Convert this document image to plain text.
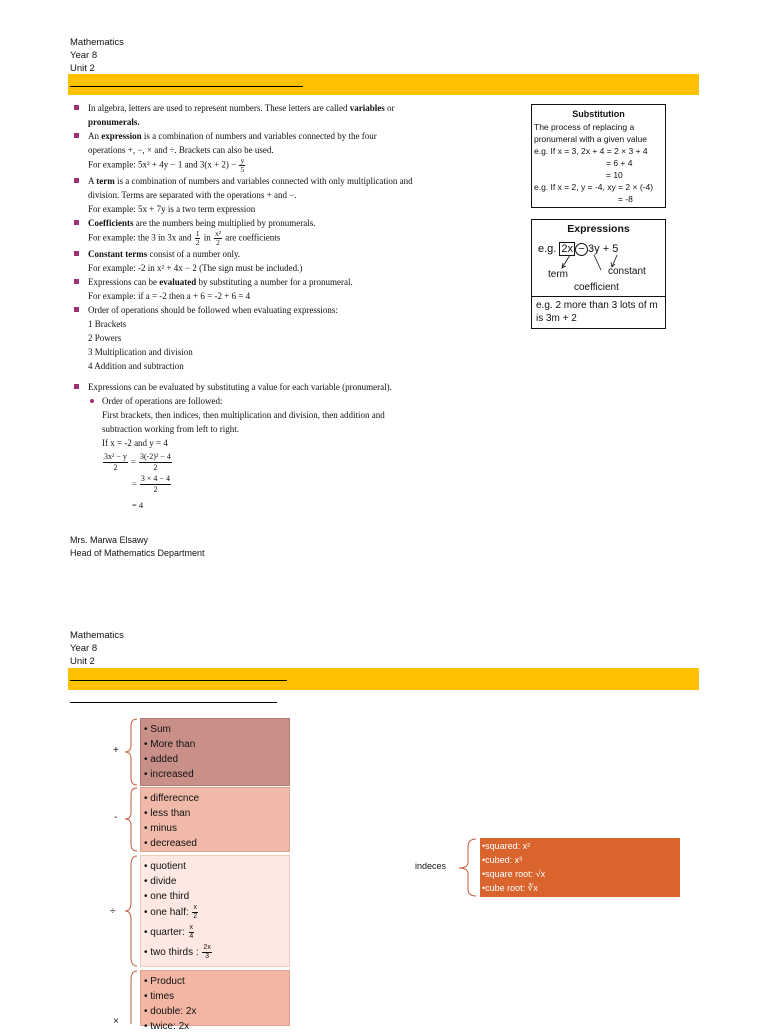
Mathematics
Year 8
Unit 2
In algebra, letters are used to represent numbers. These letters are called variables or
pronumerals.
An expression is a combination of numbers and variables connected by the four
operations +, −, × and ÷. Brackets can also be used.
For example: 5x² + 4y − 1 and $3(x + 2) - \frac{y}{5}$
A term is a combination of numbers and variables connected with only multiplication and
division. Terms are separated with the operations + and −.
For example: 5x + 7y is a two term expression
Coefficients are the numbers being multiplied by pronumerals.
For example: the 3 in 3x and $\frac{1}{2}$ in $\frac{\text{x²}}{2}$ are coefficients
Constant terms consist of a number only.
For example: -2 in x² + 4x − 2 (The sign must be included.)
Expressions can be evaluated by substituting a number for a pronumeral.
For example: if a = -2 then a + 6 = -2 + 6 = 4
Order of operations should be followed when evaluating expressions:
1 Brackets
2 Powers
3 Multiplication and division
4 Addition and subtraction
Expressions can be evaluated by substituting a value for each variable (pronumeral).
Order of operations are followed:
First brackets, then indices, then multiplication and division, then addition and
subtraction working from left to right.
If x = -2 and y = 4
$\frac{\text{3x² − y}}{2} = \frac{\text{3(-2)² − 4}}{2}$
= $\frac{3 \times 4 - 4}{2}$
= 4
Substitution
The process of replacing a
pronumeral with a given value
e.g. If x = 3, 2x + 4 = 2 × 3 + 4
= 6 + 4
= 10
e.g. If x = 2, y = -4, xy = 2 × (-4)
= -8
Expressions
e.g. 2x − 3y + 5
term	constant
coefficient
e.g. 2 more than 3 lots of m
is 3m + 2
Mrs. Marwa Elsawy
Head of Mathematics Department
Mathematics
Year 8
Unit 2
+
• Sum
• More than
• added
• increased
-
• differecnce
• less than
• minus
• decreased
÷
• quotient
• divide
• one third
• one half: $\frac{x}{2}$
• quarter: $\frac{x}{4}$
• two thirds : $\frac{2x}{3}$
×
• Product
• times
• double: 2x
• twice: 2x
indeces
•squared: x²
•cubed: x³
•square root: √x
•cube root: ∛x
